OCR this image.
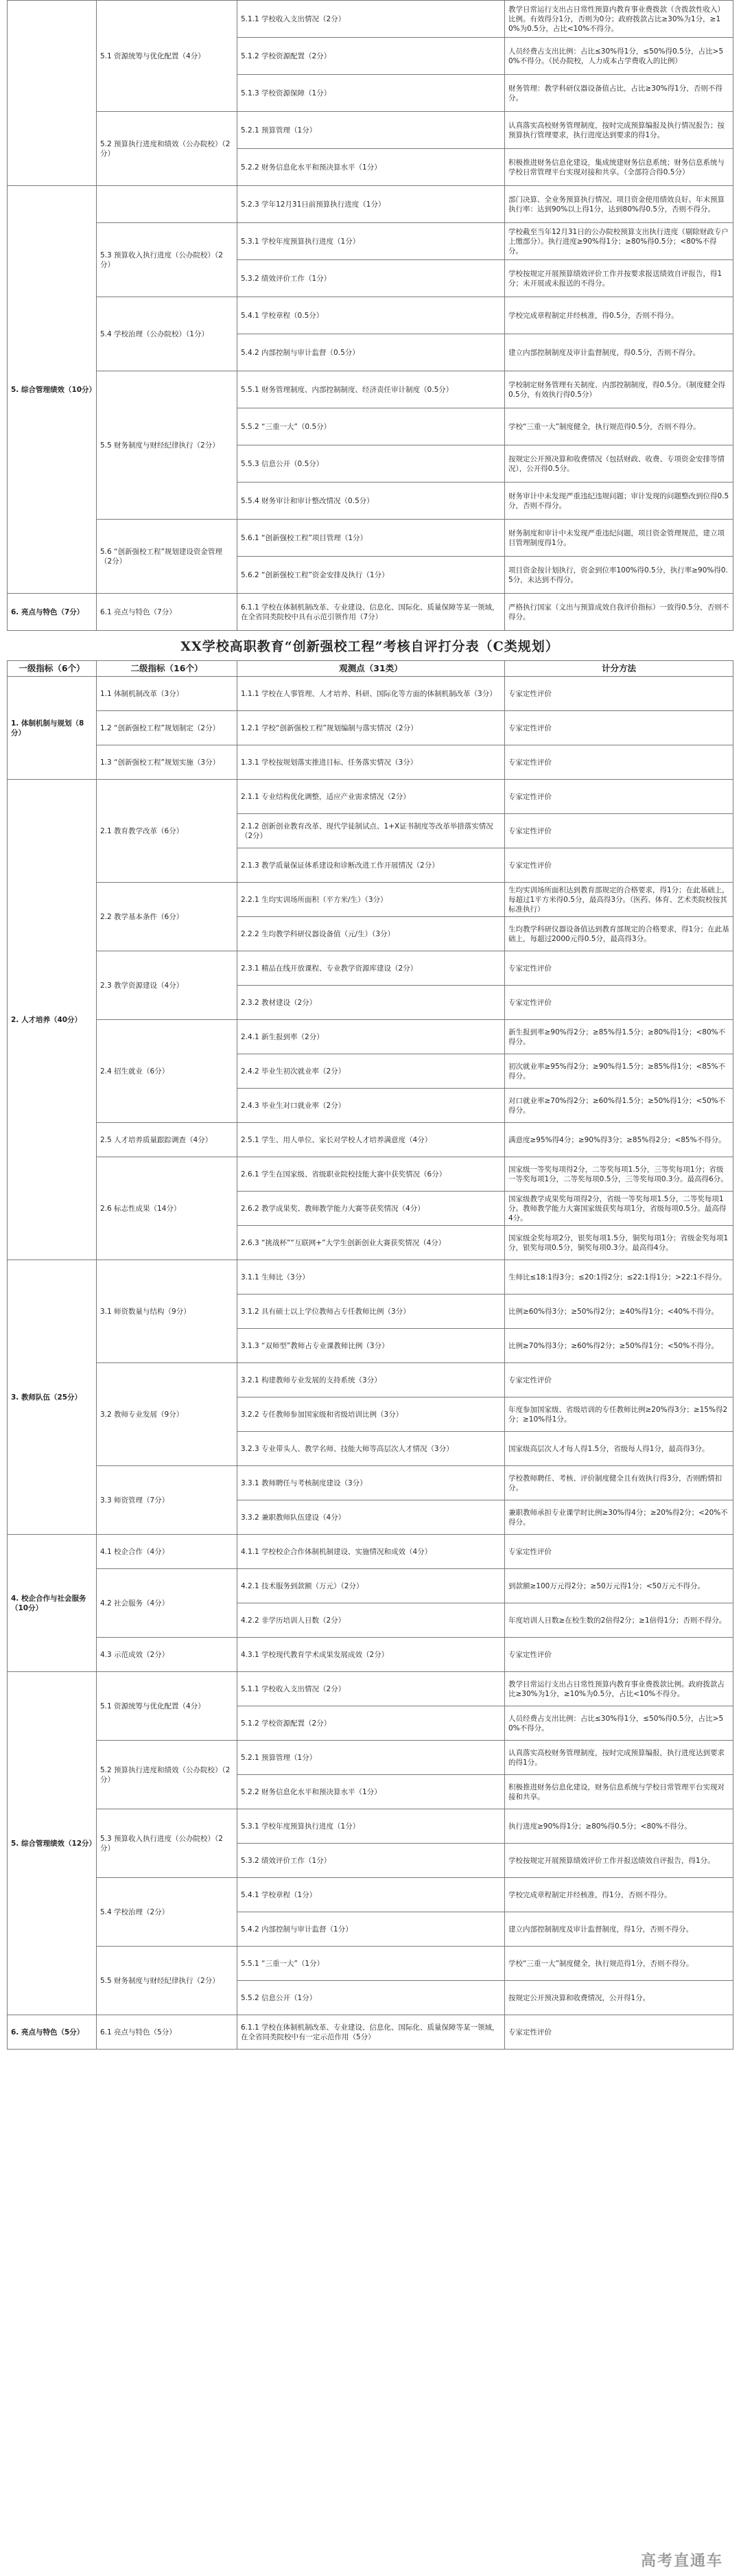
	5.1 资源统筹与优化配置（4分）	5.1.1 学校收入支出情况（2分）	教学日常运行支出占日常性预算内教育事业费拨款（含拨款性收入）比例。有效得分1分，否则为0分；政府拨款占比≥30%为1分，≥10%为0.5分，占比<10%不得分。
		5.1.2 学校资源配置（2分）	人员经费占支出比例：占比≤30%得1分，≤50%得0.5分，占比>50%不得分。（民办院校，人力成本占学费收入的比例）
		5.1.3 学校资源保障（1分）	财务管理：教学科研仪器设备值占比，占比≥30%得1分，否则不得分。
	5.2 预算执行进度和绩效（公办院校）（2分）	5.2.1 预算管理（1分）	认真落实高校财务管理制度，按时完成预算编报及执行情况报告；按预算执行管理要求，执行进度达到要求的得1分。
		5.2.2 财务信息化水平和预决算水平（1分）	积极推进财务信息化建设，集成统建财务信息系统；财务信息系统与学校日常管理平台实现对接和共享。（全部符合得0.5分）
5. 综合管理绩效（10分）		5.2.3 学年12月31日前预算执行进度（1分）	部门决算、全业务预算执行情况、项目资金使用绩效良好。年末预算执行率：达到90%以上得1分，达到80%得0.5分，否则不得分。
	5.3 预算收入执行进度（公办院校）（2分）	5.3.1 学校年度预算执行进度（1分）	学校截至当年12月31日的公办院校预算支出执行进度（剔除财政专户上缴部分）。执行进度≥90%得1分；≥80%得0.5分；<80%不得分。
		5.3.2 绩效评价工作（1分）	学校按规定开展预算绩效评价工作并按要求报送绩效自评报告，得1分；未开展或未报送的不得分。
	5.4 学校治理（公办院校）（1分）	5.4.1 学校章程（0.5分）	学校完成章程制定并经核准，得0.5分，否则不得分。
		5.4.2 内部控制与审计监督（0.5分）	建立内部控制制度及审计监督制度，得0.5分，否则不得分。
	5.5 财务制度与财经纪律执行（2分）	5.5.1 财务管理制度、内部控制制度、经济责任审计制度（0.5分）	学校制定财务管理有关制度、内部控制制度，得0.5分。（制度健全得0.5分，有效执行得0.5分）
		5.5.2 “三重一大”（0.5分）	学校“三重一大”制度健全，执行规范得0.5分，否则不得分。
		5.5.3 信息公开（0.5分）	按规定公开预决算和收费情况（包括财政、收费、专项资金安排等情况），公开得0.5分。
		5.5.4 财务审计和审计整改情况（0.5分）	财务审计中未发现严重违纪违规问题；审计发现的问题整改到位得0.5分，否则不得分。
	5.6 “创新强校工程”规划建设资金管理（2分）	5.6.1 “创新强校工程”项目管理（1分）	财务制度和审计中未发现严重违纪问题，项目资金管理规范，建立项目管理制度得1分。
		5.6.2 “创新强校工程”资金安排及执行（1分）	项目资金按计划执行，资金到位率100%得0.5分，执行率≥90%得0.5分，未达到不得分。
6. 亮点与特色（7分）	6.1 亮点与特色（7分）	6.1.1 学校在体制机制改革、专业建设、信息化、国际化、质量保障等某一领域，在全省同类院校中具有示范引领作用（7分）	严格执行国家（文出与预算成效自我评价指标）一致得0.5分，否则不得分。
XX学校高职教育“创新强校工程”考核自评打分表（C类规划）
一级指标（6个）	二级指标（16个）	观测点（31类）	计分方法
1. 体制机制与规划（8分）	1.1 体制机制改革（3分）	1.1.1 学校在人事管理、人才培养、科研、国际化等方面的体制机制改革（3分）	专家定性评价
	1.2 “创新强校工程”规划制定（2分）	1.2.1 学校“创新强校工程”规划编制与落实情况（2分）	专家定性评价
	1.3 “创新强校工程”规划实施（3分）	1.3.1 学校按规划落实推进目标、任务落实情况（3分）	专家定性评价
2. 人才培养（40分）	2.1 教育教学改革（6分）	2.1.1 专业结构优化调整，适应产业需求情况（2分）	专家定性评价
		2.1.2 创新创业教育改革、现代学徒制试点、1+X证书制度等改革举措落实情况（2分）	专家定性评价
		2.1.3 教学质量保证体系建设和诊断改进工作开展情况（2分）	专家定性评价
	2.2 教学基本条件（6分）	2.2.1 生均实训场所面积（平方米/生）（3分）	生均实训场所面积达到教育部规定的合格要求，得1分；在此基础上，每超过1平方米得0.5分，最高得3分。（医药、体育、艺术类院校按其标准执行）
		2.2.2 生均教学科研仪器设备值（元/生）（3分）	生均教学科研仪器设备值达到教育部规定的合格要求，得1分；在此基础上，每超过2000元得0.5分，最高得3分。
	2.3 教学资源建设（4分）	2.3.1 精品在线开放课程、专业教学资源库建设（2分）	专家定性评价
		2.3.2 教材建设（2分）	专家定性评价
	2.4 招生就业（6分）	2.4.1 新生报到率（2分）	新生报到率≥90%得2分；≥85%得1.5分；≥80%得1分；<80%不得分。
		2.4.2 毕业生初次就业率（2分）	初次就业率≥95%得2分；≥90%得1.5分；≥85%得1分；<85%不得分。
		2.4.3 毕业生对口就业率（2分）	对口就业率≥70%得2分；≥60%得1.5分；≥50%得1分；<50%不得分。
	2.5 人才培养质量跟踪调查（4分）	2.5.1 学生、用人单位、家长对学校人才培养满意度（4分）	满意度≥95%得4分；≥90%得3分；≥85%得2分；<85%不得分。
	2.6 标志性成果（14分）	2.6.1 学生在国家级、省级职业院校技能大赛中获奖情况（6分）	国家级一等奖每项得2分，二等奖每项1.5分，三等奖每项1分；省级一等奖每项1分，二等奖每项0.5分，三等奖每项0.3分。最高得6分。
		2.6.2 教学成果奖、教师教学能力大赛等获奖情况（4分）	国家级教学成果奖每项得2分，省级一等奖每项1.5分，二等奖每项1分。教师教学能力大赛国家级获奖每项1分，省级每项0.5分。最高得4分。
		2.6.3 “挑战杯”“互联网+”大学生创新创业大赛获奖情况（4分）	国家级金奖每项2分，银奖每项1.5分，铜奖每项1分；省级金奖每项1分，银奖每项0.5分，铜奖每项0.3分。最高得4分。
3. 教师队伍（25分）	3.1 师资数量与结构（9分）	3.1.1 生师比（3分）	生师比≤18:1得3分；≤20:1得2分；≤22:1得1分；>22:1不得分。
		3.1.2 具有硕士以上学位教师占专任教师比例（3分）	比例≥60%得3分；≥50%得2分；≥40%得1分；<40%不得分。
		3.1.3 “双师型”教师占专业课教师比例（3分）	比例≥70%得3分；≥60%得2分；≥50%得1分；<50%不得分。
	3.2 教师专业发展（9分）	3.2.1 构建教师专业发展的支持系统（3分）	专家定性评价
		3.2.2 专任教师参加国家级和省级培训比例（3分）	年度参加国家级、省级培训的专任教师比例≥20%得3分；≥15%得2分；≥10%得1分。
		3.2.3 专业带头人、教学名师、技能大师等高层次人才情况（3分）	国家级高层次人才每人得1.5分，省级每人得1分，最高得3分。
	3.3 师资管理（7分）	3.3.1 教师聘任与考核制度建设（3分）	学校教师聘任、考核、评价制度健全且有效执行得3分，否则酌情扣分。
		3.3.2 兼职教师队伍建设（4分）	兼职教师承担专业课学时比例≥30%得4分；≥20%得2分；<20%不得分。
4. 校企合作与社会服务（10分）	4.1 校企合作（4分）	4.1.1 学校校企合作体制机制建设、实施情况和成效（4分）	专家定性评价
	4.2 社会服务（4分）	4.2.1 技术服务到款额（万元）（2分）	到款额≥100万元得2分；≥50万元得1分；<50万元不得分。
		4.2.2 非学历培训人日数（2分）	年度培训人日数≥在校生数的2倍得2分；≥1倍得1分；否则不得分。
	4.3 示范成效（2分）	4.3.1 学校现代教育学术成果发展成效（2分）	专家定性评价
5. 综合管理绩效（12分）	5.1 资源统筹与优化配置（4分）	5.1.1 学校收入支出情况（2分）	教学日常运行支出占日常性预算内教育事业费拨款比例。政府拨款占比≥30%为1分，≥10%为0.5分，占比<10%不得分。
		5.1.2 学校资源配置（2分）	人员经费占支出比例：占比≤30%得1分，≤50%得0.5分，占比>50%不得分。
	5.2 预算执行进度和绩效（公办院校）（2分）	5.2.1 预算管理（1分）	认真落实高校财务管理制度，按时完成预算编报，执行进度达到要求的得1分。
		5.2.2 财务信息化水平和预决算水平（1分）	积极推进财务信息化建设，财务信息系统与学校日常管理平台实现对接和共享。
	5.3 预算收入执行进度（公办院校）（2分）	5.3.1 学校年度预算执行进度（1分）	执行进度≥90%得1分；≥80%得0.5分；<80%不得分。
		5.3.2 绩效评价工作（1分）	学校按规定开展预算绩效评价工作并报送绩效自评报告，得1分。
	5.4 学校治理（2分）	5.4.1 学校章程（1分）	学校完成章程制定并经核准，得1分，否则不得分。
		5.4.2 内部控制与审计监督（1分）	建立内部控制制度及审计监督制度，得1分，否则不得分。
	5.5 财务制度与财经纪律执行（2分）	5.5.1 “三重一大”（1分）	学校“三重一大”制度健全，执行规范得1分，否则不得分。
		5.5.2 信息公开（1分）	按规定公开预决算和收费情况，公开得1分。
6. 亮点与特色（5分）	6.1 亮点与特色（5分）	6.1.1 学校在体制机制改革、专业建设、信息化、国际化、质量保障等某一领域，在全省同类院校中有一定示范作用（5分）	专家定性评价
高考直通车
